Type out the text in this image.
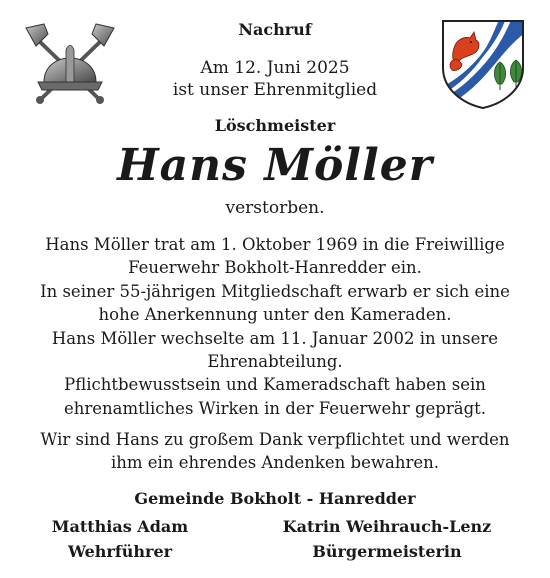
Nachruf
Am 12. Juni 2025
ist unser Ehrenmitglied
Löschmeister
Hans Möller
verstorben.

Hans Möller trat am 1. Oktober 1969 in die Freiwillige

Feuerwehr Bokholt-Hanredder ein.

In seiner 55-jährigen Mitgliedschaft erwarb er sich eine

hohe Anerkennung unter den Kameraden.

Hans Möller wechselte am 11. Januar 2002 in unsere

Ehrenabteilung.

Pflichtbewusstsein und Kameradschaft haben sein

ehrenamtliches Wirken in der Feuerwehr geprägt.

Wir sind Hans zu großem Dank verpflichtet und werden

ihm ein ehrendes Andenken bewahren.

Gemeinde Bokholt - Hanredder
Matthias Adam
Wehrführer
Katrin Weihrauch-Lenz
Bürgermeisterin
